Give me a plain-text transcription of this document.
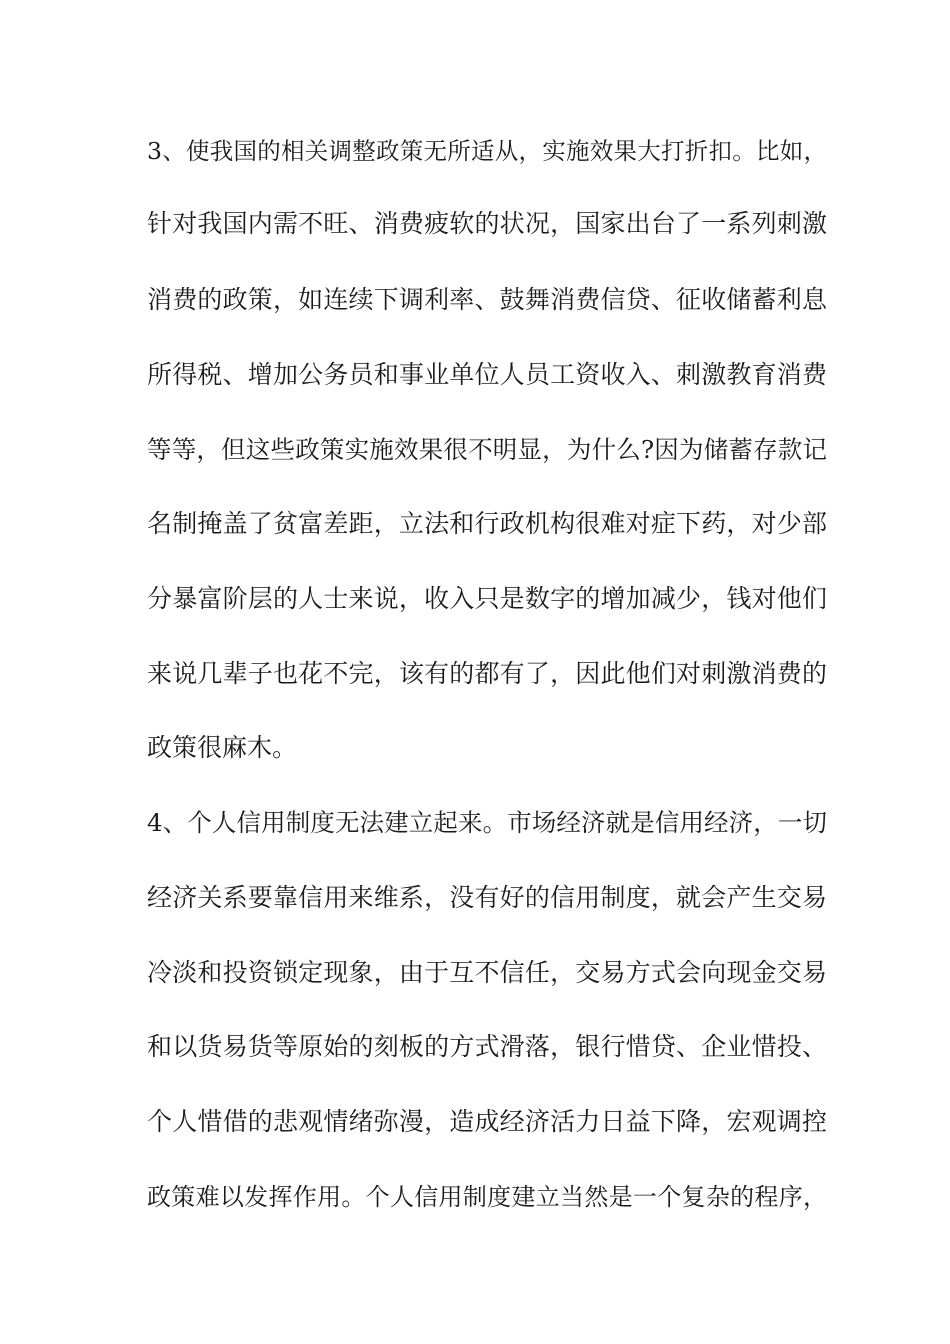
3、使我国的相关调整政策无所适从，实施效果大打折扣。比如，
针对我国内需不旺、消费疲软的状况，国家出台了一系列刺激
消费的政策，如连续下调利率、鼓舞消费信贷、征收储蓄利息
所得税、增加公务员和事业单位人员工资收入、刺激教育消费
等等，但这些政策实施效果很不明显，为什么?因为储蓄存款记
名制掩盖了贫富差距，立法和行政机构很难对症下药，对少部
分暴富阶层的人士来说，收入只是数字的增加减少，钱对他们
来说几辈子也花不完，该有的都有了，因此他们对刺激消费的
政策很麻木。
4、个人信用制度无法建立起来。市场经济就是信用经济，一切
经济关系要靠信用来维系，没有好的信用制度，就会产生交易
冷淡和投资锁定现象，由于互不信任，交易方式会向现金交易
和以货易货等原始的刻板的方式滑落，银行惜贷、企业惜投、
个人惜借的悲观情绪弥漫，造成经济活力日益下降，宏观调控
政策难以发挥作用。个人信用制度建立当然是一个复杂的程序，
